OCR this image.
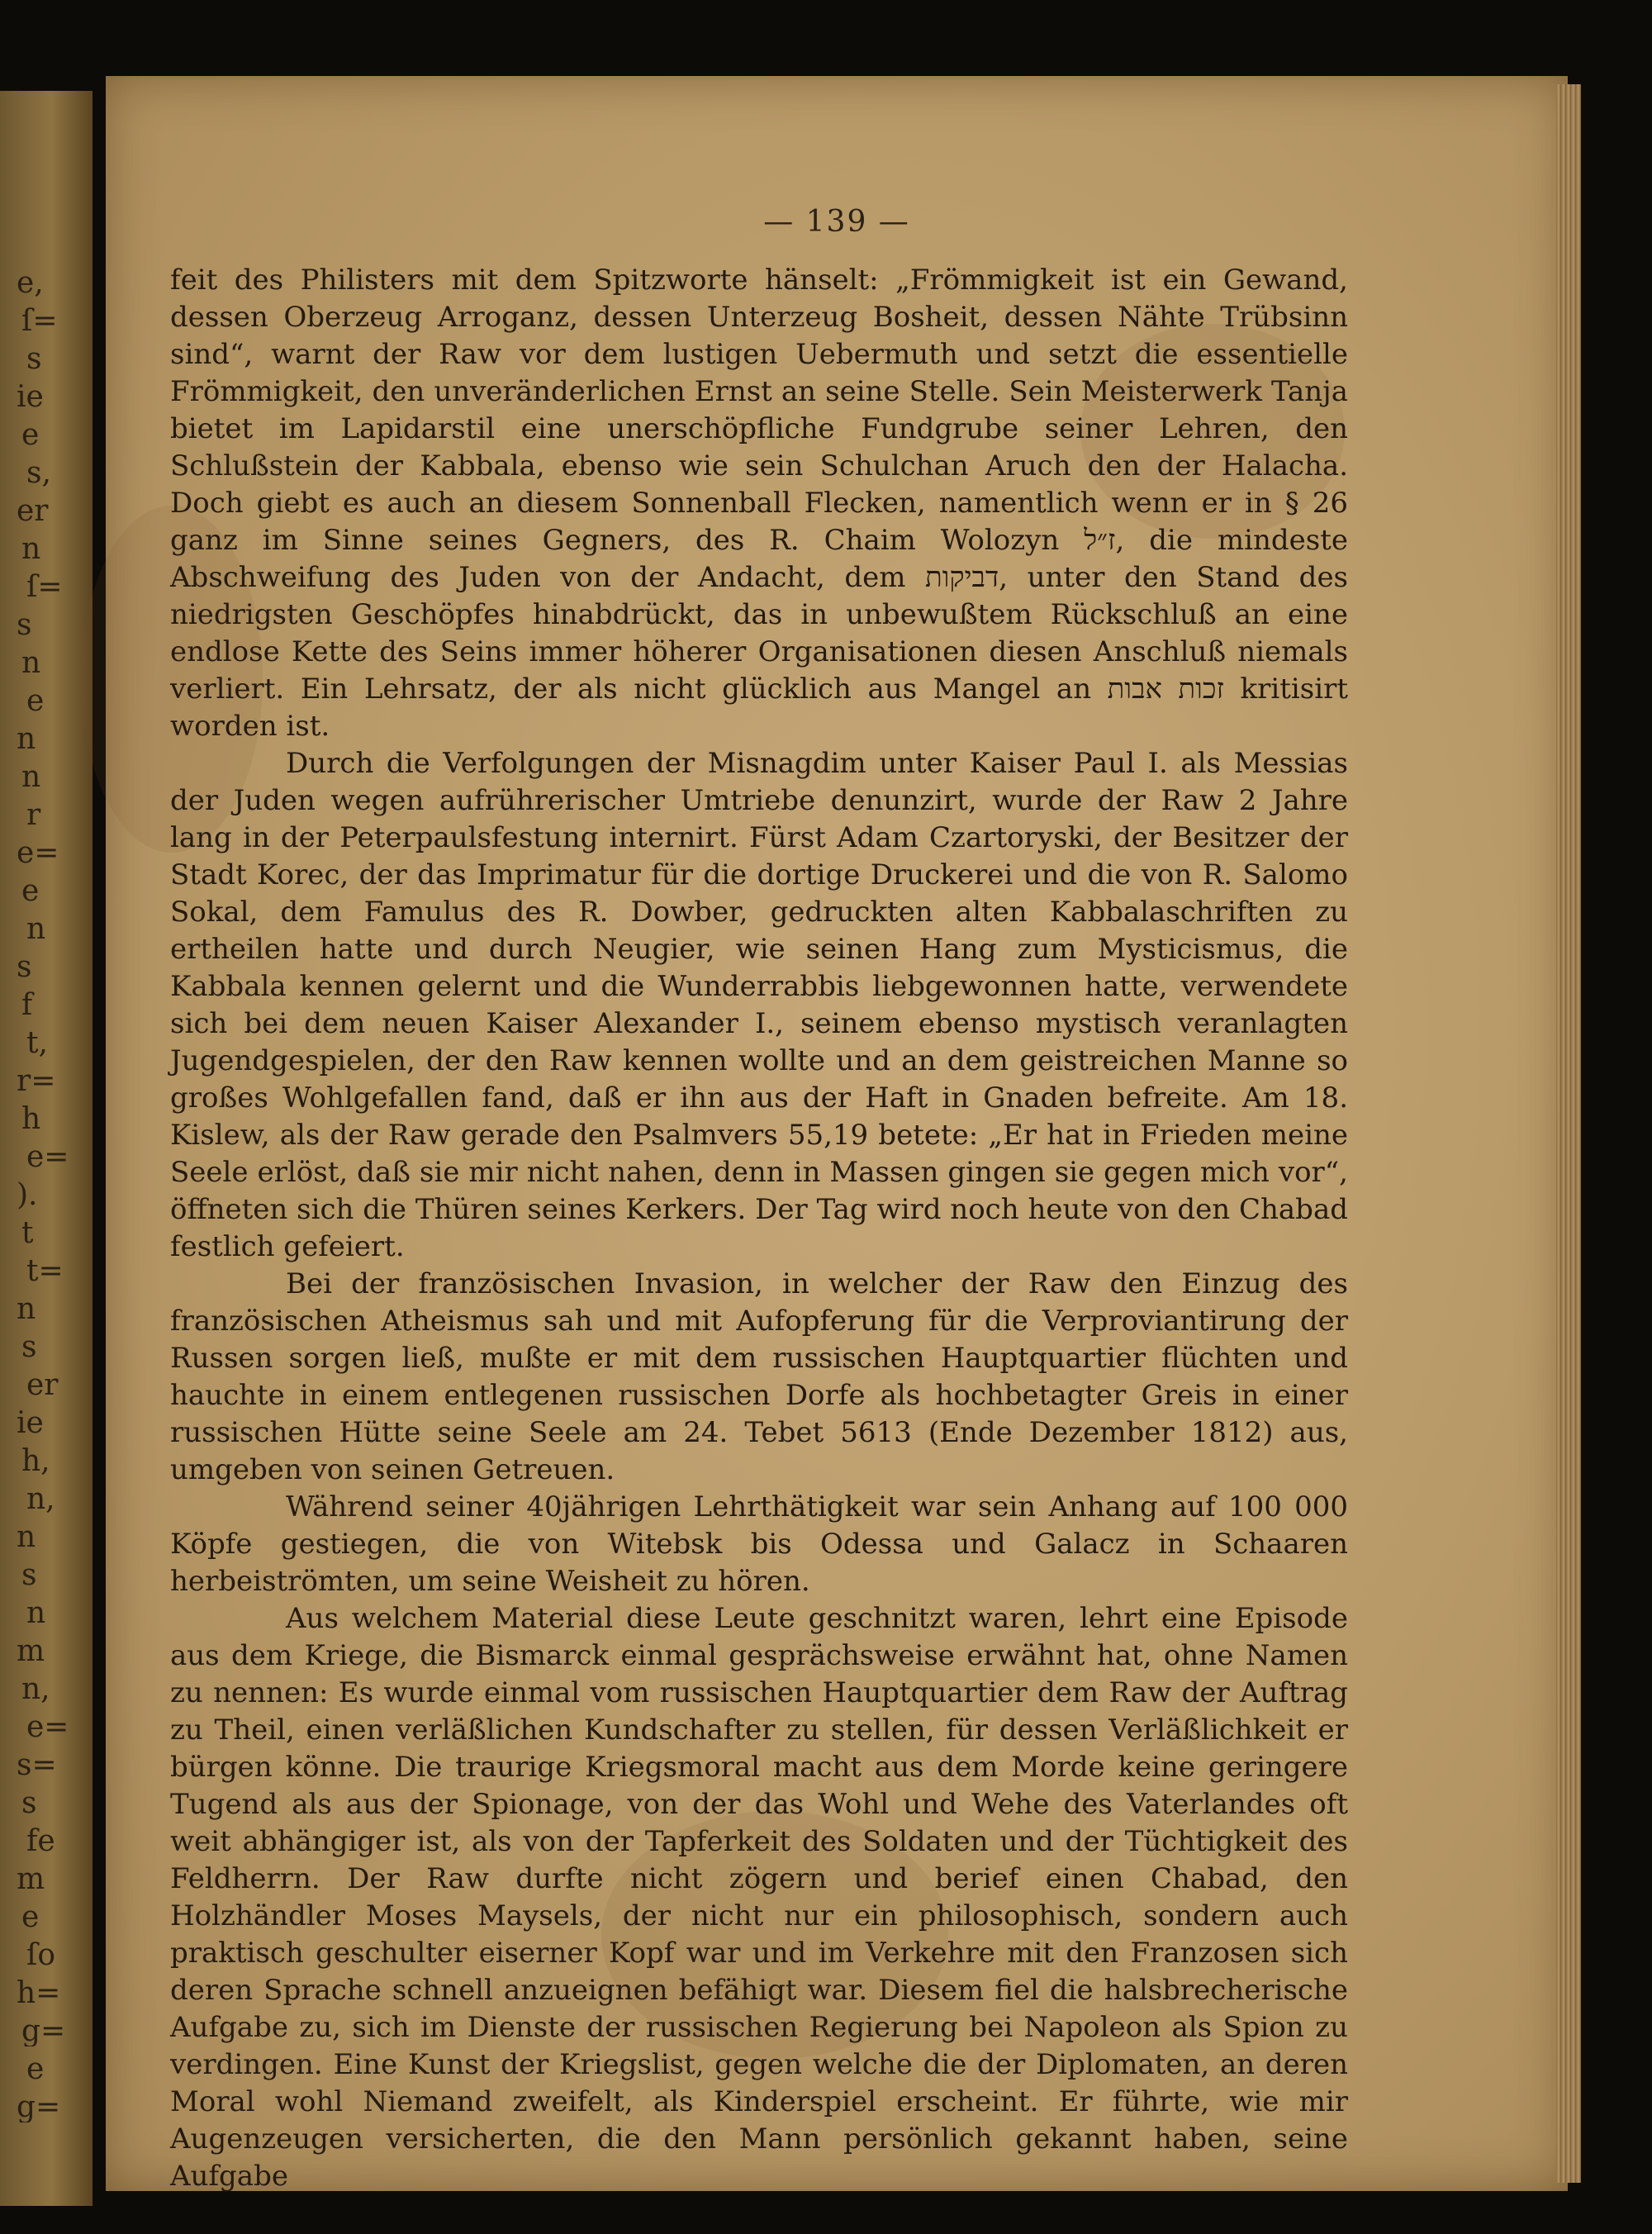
e,
ſ=
s
ie
e
s,
er
n
ſ=
s
n
e
n
n
r
e=
e
n
s
f
t,
r=
h
e=
).
t
t=
n
s
er
ie
h,
n,
n
s
n
m
n,
e=
s=
s
fe
m
e
ſo
h=
g=
e
g=
— 139 —

feit des Philisters mit dem Spitzworte hänselt: „Frömmigkeit ist ein Gewand, dessen Oberzeug Arroganz, dessen Unterzeug Bosheit, dessen Nähte Trübsinn sind“, warnt der Raw vor dem lustigen Uebermuth und setzt die essentielle Frömmigkeit, den unveränderlichen Ernst an seine Stelle. Sein Meisterwerk Tanja bietet im Lapidarstil eine unerschöpfliche Fundgrube seiner Lehren, den Schlußstein der Kabbala, ebenso wie sein Schulchan Aruch den der Halacha. Doch giebt es auch an diesem Sonnenball Flecken, namentlich wenn er in § 26 ganz im Sinne seines Gegners, des R. Chaim Wolozyn ז״ל, die mindeste Abschweifung des Juden von der Andacht, dem דביקות, unter den Stand des niedrigsten Geschöpfes hinabdrückt, das in unbewußtem Rückschluß an eine endlose Kette des Seins immer höherer Organisationen diesen Anschluß niemals verliert. Ein Lehrsatz, der als nicht glücklich aus Mangel an זכות אבות kritisirt worden ist.

Durch die Verfolgungen der Misnagdim unter Kaiser Paul I. als Messias der Juden wegen aufrührerischer Umtriebe denunzirt, wurde der Raw 2 Jahre lang in der Peterpaulsfestung internirt. Fürst Adam Czartoryski, der Besitzer der Stadt Korec, der das Imprimatur für die dortige Druckerei und die von R. Salomo Sokal, dem Famulus des R. Dowber, gedruckten alten Kabbalaschriften zu ertheilen hatte und durch Neugier, wie seinen Hang zum Mysticismus, die Kabbala kennen gelernt und die Wunderrabbis liebgewonnen hatte, verwendete sich bei dem neuen Kaiser Alexander I., seinem ebenso mystisch veranlagten Jugendgespielen, der den Raw kennen wollte und an dem geistreichen Manne so großes Wohlgefallen fand, daß er ihn aus der Haft in Gnaden befreite. Am 18. Kislew, als der Raw gerade den Psalmvers 55,19 betete: „Er hat in Frieden meine Seele erlöst, daß sie mir nicht nahen, denn in Massen gingen sie gegen mich vor“, öffneten sich die Thüren seines Kerkers. Der Tag wird noch heute von den Chabad festlich gefeiert.

Bei der französischen Invasion, in welcher der Raw den Einzug des französischen Atheismus sah und mit Aufopferung für die Verproviantirung der Russen sorgen ließ, mußte er mit dem russischen Hauptquartier flüchten und hauchte in einem entlegenen russischen Dorfe als hochbetagter Greis in einer russischen Hütte seine Seele am 24. Tebet 5613 (Ende Dezember 1812) aus, umgeben von seinen Getreuen.

Während seiner 40jährigen Lehrthätigkeit war sein Anhang auf 100 000 Köpfe gestiegen, die von Witebsk bis Odessa und Galacz in Schaaren herbeiströmten, um seine Weisheit zu hören.

Aus welchem Material diese Leute geschnitzt waren, lehrt eine Episode aus dem Kriege, die Bismarck einmal gesprächsweise erwähnt hat, ohne Namen zu nennen: Es wurde einmal vom russischen Hauptquartier dem Raw der Auftrag zu Theil, einen verläßlichen Kundschafter zu stellen, für dessen Verläßlichkeit er bürgen könne. Die traurige Kriegsmoral macht aus dem Morde keine geringere Tugend als aus der Spionage, von der das Wohl und Wehe des Vaterlandes oft weit abhängiger ist, als von der Tapferkeit des Soldaten und der Tüchtigkeit des Feldherrn. Der Raw durfte nicht zögern und berief einen Chabad, den Holzhändler Moses Maysels, der nicht nur ein philosophisch, sondern auch praktisch geschulter eiserner Kopf war und im Verkehre mit den Franzosen sich deren Sprache schnell anzueignen befähigt war. Diesem fiel die halsbrecherische Aufgabe zu, sich im Dienste der russischen Regierung bei Napoleon als Spion zu verdingen. Eine Kunst der Kriegslist, gegen welche die der Diplomaten, an deren Moral wohl Niemand zweifelt, als Kinderspiel erscheint. Er führte, wie mir Augenzeugen versicherten, die den Mann persönlich gekannt haben, seine Aufgabe
